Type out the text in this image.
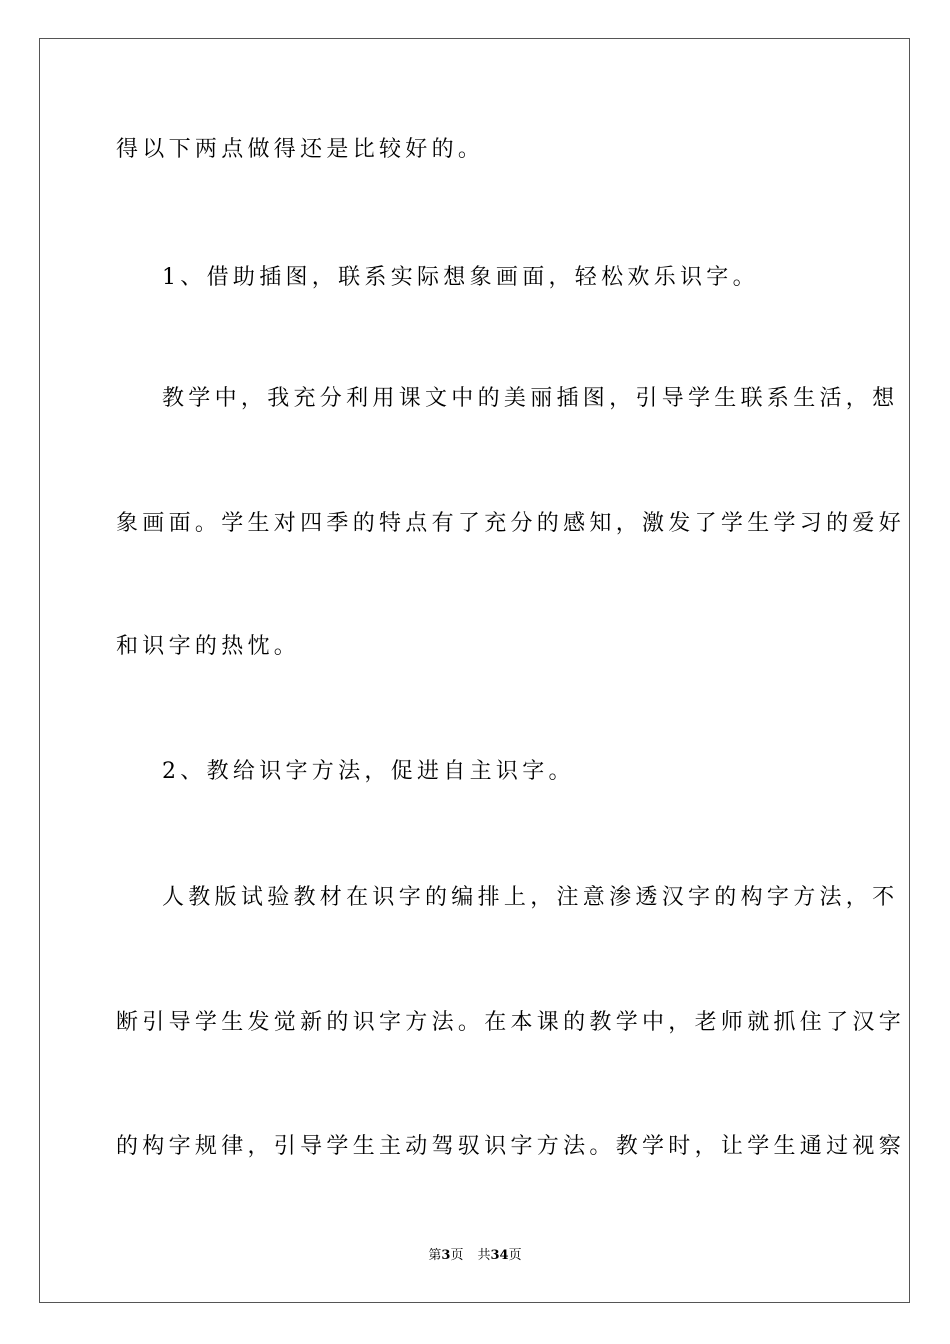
得以下两点做得还是比较好的。
1、借助插图，联系实际想象画面，轻松欢乐识字。
教学中，我充分利用课文中的美丽插图，引导学生联系生活，想
象画面。学生对四季的特点有了充分的感知，激发了学生学习的爱好
和识字的热忱。
2、教给识字方法，促进自主识字。
人教版试验教材在识字的编排上，注意渗透汉字的构字方法，不
断引导学生发觉新的识字方法。在本课的教学中，老师就抓住了汉字
的构字规律，引导学生主动驾驭识字方法。教学时，让学生通过视察
第3页 共34页
